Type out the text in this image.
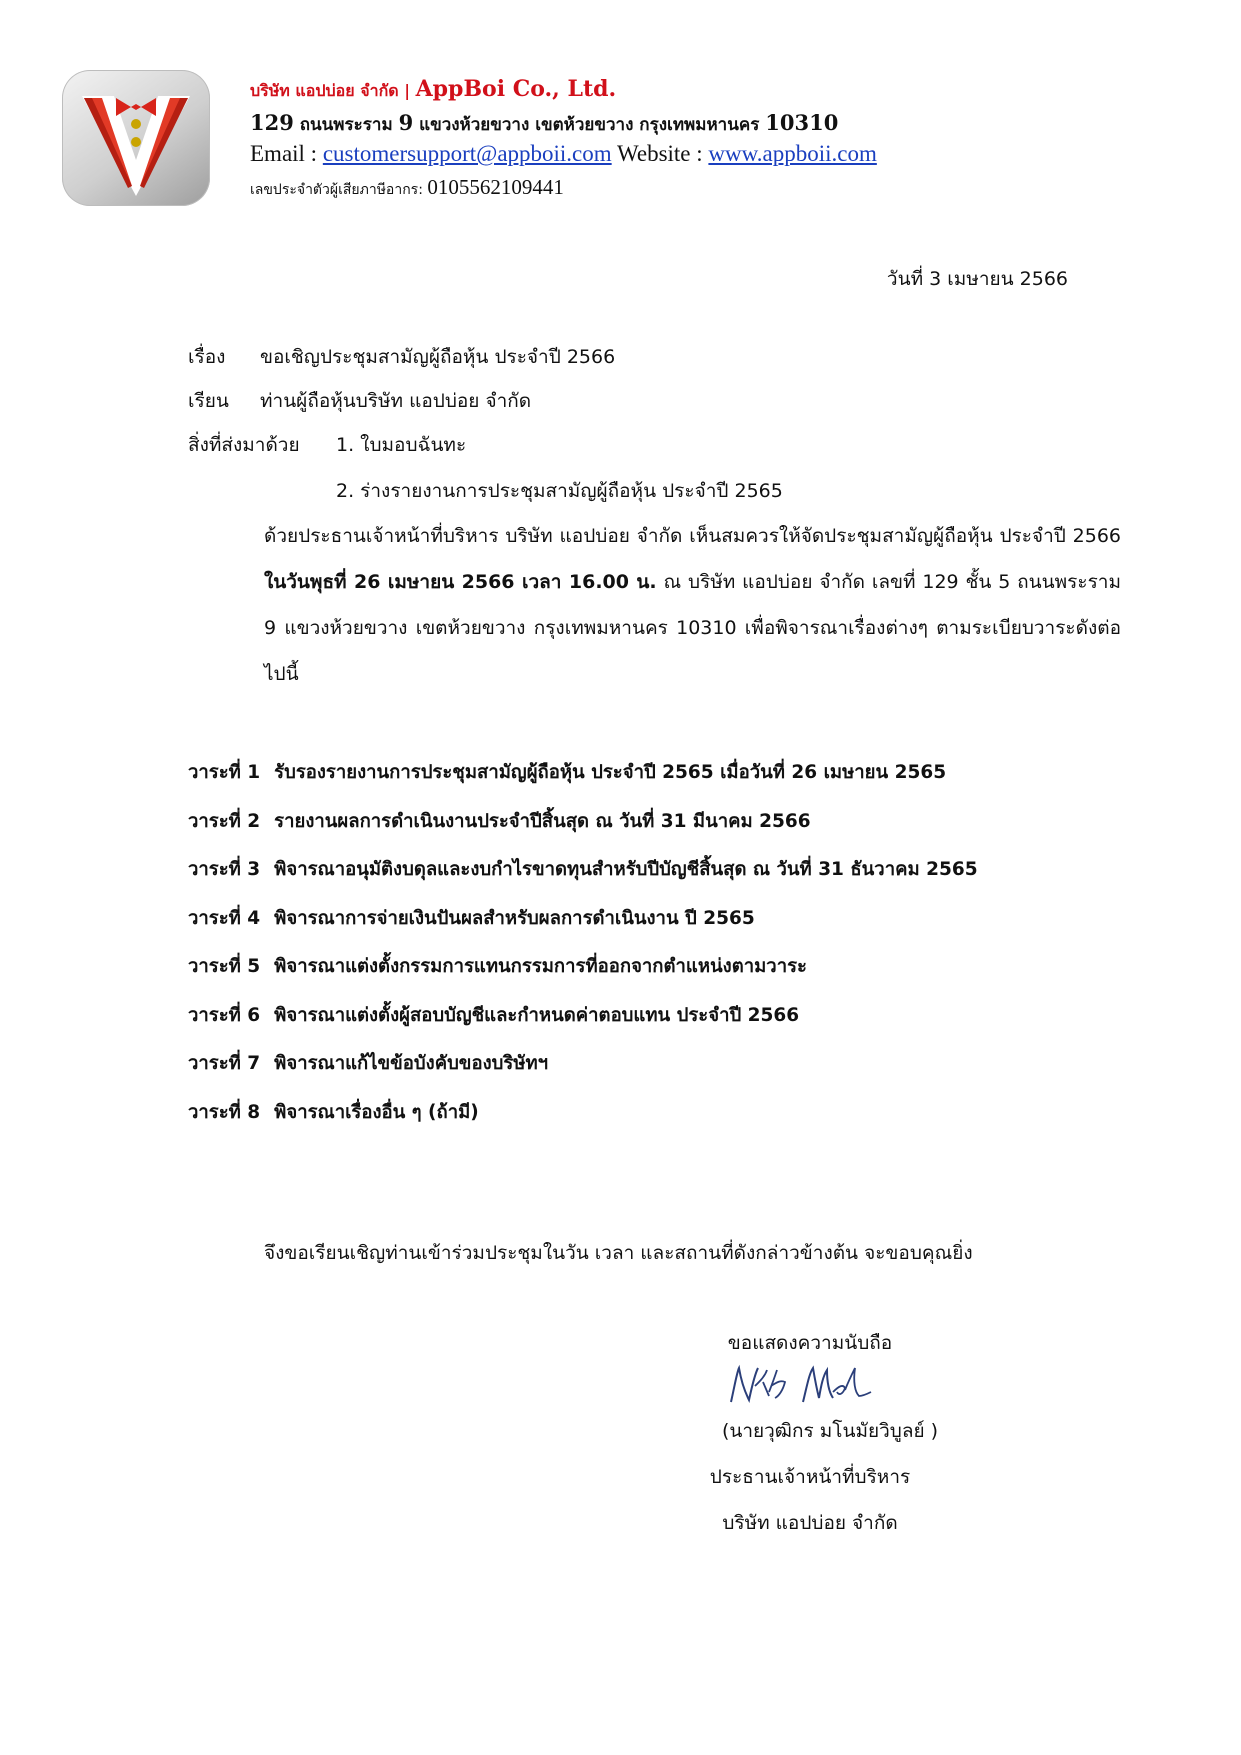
บริษัท แอปบ่อย จำกัด | AppBoi Co., Ltd.
129 ถนนพระราม 9 แขวงห้วยขวาง เขตห้วยขวาง กรุงเทพมหานคร 10310
Email : customersupport@appboii.com Website : www.appboii.com
เลขประจำตัวผู้เสียภาษีอากร: 0105562109441
วันที่ 3 เมษายน 2566
เรื่อง ขอเชิญประชุมสามัญผู้ถือหุ้น ประจำปี 2566
เรียน ท่านผู้ถือหุ้นบริษัท แอปบ่อย จำกัด
สิ่งที่ส่งมาด้วย 1. ใบมอบฉันทะ
2. ร่างรายงานการประชุมสามัญผู้ถือหุ้น ประจำปี 2565

ด้วยประธานเจ้าหน้าที่บริหาร บริษัท แอปบ่อย จำกัด เห็นสมควรให้จัดประชุมสามัญผู้ถือหุ้น ประจำปี 2566 ในวันพุธที่ 26 เมษายน 2566 เวลา 16.00 น. ณ บริษัท แอปบ่อย จำกัด เลขที่ 129 ชั้น 5 ถนนพระราม 9 แขวงห้วยขวาง เขตห้วยขวาง กรุงเทพมหานคร 10310 เพื่อพิจารณาเรื่องต่างๆ ตามระเบียบวาระดังต่อไปนี้

วาระที่ 1 รับรองรายงานการประชุมสามัญผู้ถือหุ้น ประจำปี 2565 เมื่อวันที่ 26 เมษายน 2565
วาระที่ 2 รายงานผลการดำเนินงานประจำปีสิ้นสุด ณ วันที่ 31 มีนาคม 2566
วาระที่ 3 พิจารณาอนุมัติงบดุลและงบกำไรขาดทุนสำหรับปีบัญชีสิ้นสุด ณ วันที่ 31 ธันวาคม 2565
วาระที่ 4 พิจารณาการจ่ายเงินปันผลสำหรับผลการดำเนินงาน ปี 2565
วาระที่ 5 พิจารณาแต่งตั้งกรรมการแทนกรรมการที่ออกจากตำแหน่งตามวาระ
วาระที่ 6 พิจารณาแต่งตั้งผู้สอบบัญชีและกำหนดค่าตอบแทน ประจำปี 2566
วาระที่ 7 พิจารณาแก้ไขข้อบังคับของบริษัทฯ
วาระที่ 8 พิจารณาเรื่องอื่น ๆ (ถ้ามี)
จึงขอเรียนเชิญท่านเข้าร่วมประชุมในวัน เวลา และสถานที่ดังกล่าวข้างต้น จะขอบคุณยิ่ง
ขอแสดงความนับถือ
(นายวุฒิกร มโนมัยวิบูลย์ )
ประธานเจ้าหน้าที่บริหาร
บริษัท แอปบ่อย จำกัด
